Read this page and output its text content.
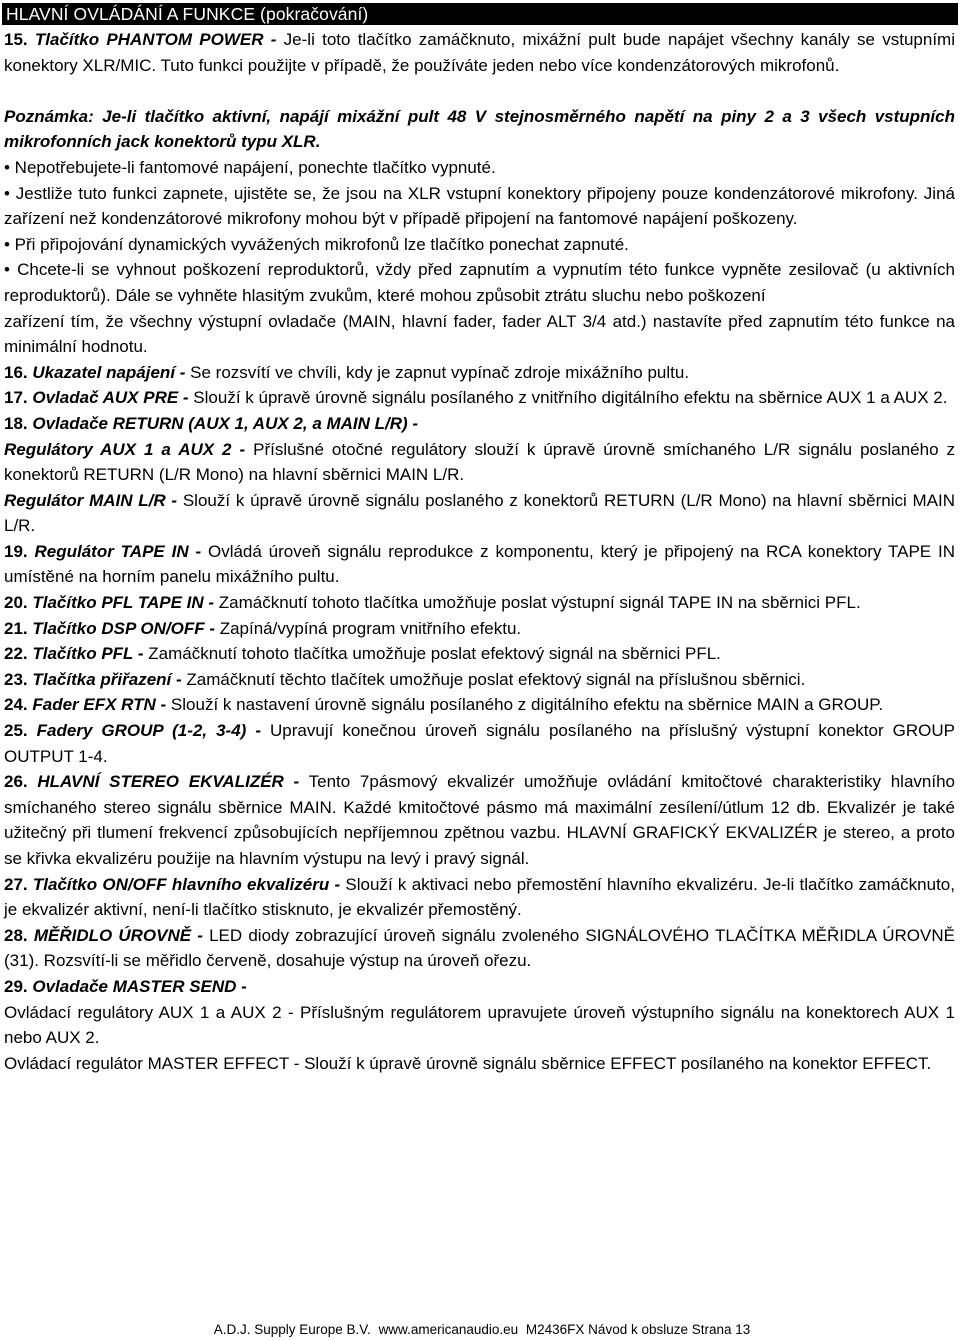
HLAVNÍ OVLÁDÁNÍ A FUNKCE (pokračování)

15. Tlačítko PHANTOM POWER - Je-li toto tlačítko zamáčknuto, mixážní pult bude napájet všechny kanály se vstupními konektory XLR/MIC. Tuto funkci použijte v případě, že používáte jeden nebo více kondenzátorových mikrofonů.

Poznámka: Je-li tlačítko aktivní, napájí mixážní pult 48 V stejnosměrného napětí na piny 2 a 3 všech vstupních mikrofonních jack konektorů typu XLR.

• Nepotřebujete-li fantomové napájení, ponechte tlačítko vypnuté.

• Jestliže tuto funkci zapnete, ujistěte se, že jsou na XLR vstupní konektory připojeny pouze kondenzátorové mikrofony. Jiná zařízení než kondenzátorové mikrofony mohou být v případě připojení na fantomové napájení poškozeny.

• Při připojování dynamických vyvážených mikrofonů lze tlačítko ponechat zapnuté.

• Chcete-li se vyhnout poškození reproduktorů, vždy před zapnutím a vypnutím této funkce vypněte zesilovač (u aktivních reproduktorů). Dále se vyhněte hlasitým zvukům, které mohou způsobit ztrátu sluchu nebo poškození

zařízení tím, že všechny výstupní ovladače (MAIN, hlavní fader, fader ALT 3/4 atd.) nastavíte před zapnutím této funkce na minimální hodnotu.

16. Ukazatel napájení - Se rozsvítí ve chvíli, kdy je zapnut vypínač zdroje mixážního pultu.

17. Ovladač AUX PRE - Slouží k úpravě úrovně signálu posílaného z vnitřního digitálního efektu na sběrnice AUX 1 a AUX 2.

18. Ovladače RETURN (AUX 1, AUX 2, a MAIN L/R) -

Regulátory AUX 1 a AUX 2 - Příslušné otočné regulátory slouží k úpravě úrovně smíchaného L/R signálu poslaného z konektorů RETURN (L/R Mono) na hlavní sběrnici MAIN L/R.

Regulátor MAIN L/R - Slouží k úpravě úrovně signálu poslaného z konektorů RETURN (L/R Mono) na hlavní sběrnici MAIN L/R.

19. Regulátor TAPE IN - Ovládá úroveň signálu reprodukce z komponentu, který je připojený na RCA konektory TAPE IN umístěné na horním panelu mixážního pultu.

20. Tlačítko PFL TAPE IN - Zamáčknutí tohoto tlačítka umožňuje poslat výstupní signál TAPE IN na sběrnici PFL.

21. Tlačítko DSP ON/OFF - Zapíná/vypíná program vnitřního efektu.

22. Tlačítko PFL - Zamáčknutí tohoto tlačítka umožňuje poslat efektový signál na sběrnici PFL.

23. Tlačítka přiřazení - Zamáčknutí těchto tlačítek umožňuje poslat efektový signál na příslušnou sběrnici.

24. Fader EFX RTN - Slouží k nastavení úrovně signálu posílaného z digitálního efektu na sběrnice MAIN a GROUP.

25. Fadery GROUP (1-2, 3-4) - Upravují konečnou úroveň signálu posílaného na příslušný výstupní konektor GROUP OUTPUT 1-4.

26. HLAVNÍ STEREO EKVALIZÉR - Tento 7pásmový ekvalizér umožňuje ovládání kmitočtové charakteristiky hlavního smíchaného stereo signálu sběrnice MAIN. Každé kmitočtové pásmo má maximální zesílení/útlum 12 db. Ekvalizér je také užitečný při tlumení frekvencí způsobujících nepříjemnou zpětnou vazbu. HLAVNÍ GRAFICKÝ EKVALIZÉR je stereo, a proto se křivka ekvalizéru použije na hlavním výstupu na levý i pravý signál.

27. Tlačítko ON/OFF hlavního ekvalizéru - Slouží k aktivaci nebo přemostění hlavního ekvalizéru. Je-li tlačítko zamáčknuto, je ekvalizér aktivní, není-li tlačítko stisknuto, je ekvalizér přemostěný.

28. MĚŘIDLO ÚROVNĚ - LED diody zobrazující úroveň signálu zvoleného SIGNÁLOVÉHO TLAČÍTKA MĚŘIDLA ÚROVNĚ (31). Rozsvítí-li se měřidlo červeně, dosahuje výstup na úroveň ořezu.

29. Ovladače MASTER SEND -

Ovládací regulátory AUX 1 a AUX 2 - Příslušným regulátorem upravujete úroveň výstupního signálu na konektorech AUX 1 nebo AUX 2.

Ovládací regulátor MASTER EFFECT - Slouží k úpravě úrovně signálu sběrnice EFFECT posílaného na konektor EFFECT.

A.D.J. Supply Europe B.V. www.americanaudio.eu M2436FX Návod k obsluze Strana 13
